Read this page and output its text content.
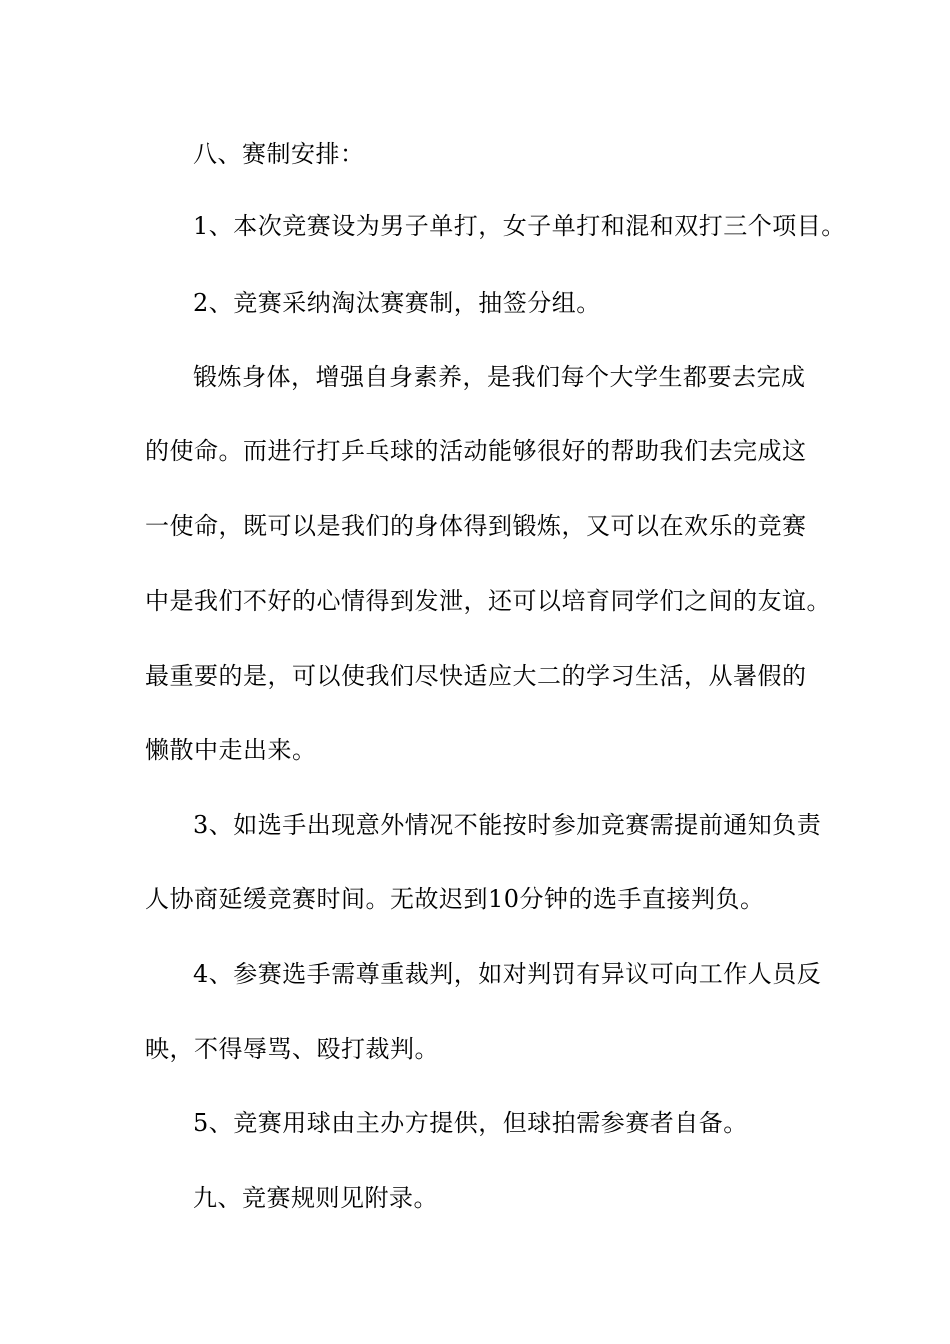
八、赛制安排：
1、本次竞赛设为男子单打，女子单打和混和双打三个项目。
2、竞赛采纳淘汰赛赛制，抽签分组。
锻炼身体，增强自身素养，是我们每个大学生都要去完成
的使命。而进行打乒乓球的活动能够很好的帮助我们去完成这
一使命，既可以是我们的身体得到锻炼，又可以在欢乐的竞赛
中是我们不好的心情得到发泄，还可以培育同学们之间的友谊。
最重要的是，可以使我们尽快适应大二的学习生活，从暑假的
懒散中走出来。
3、如选手出现意外情况不能按时参加竞赛需提前通知负责
人协商延缓竞赛时间。无故迟到10分钟的选手直接判负。
4、参赛选手需尊重裁判，如对判罚有异议可向工作人员反
映，不得辱骂、殴打裁判。
5、竞赛用球由主办方提供，但球拍需参赛者自备。
九、竞赛规则见附录。
